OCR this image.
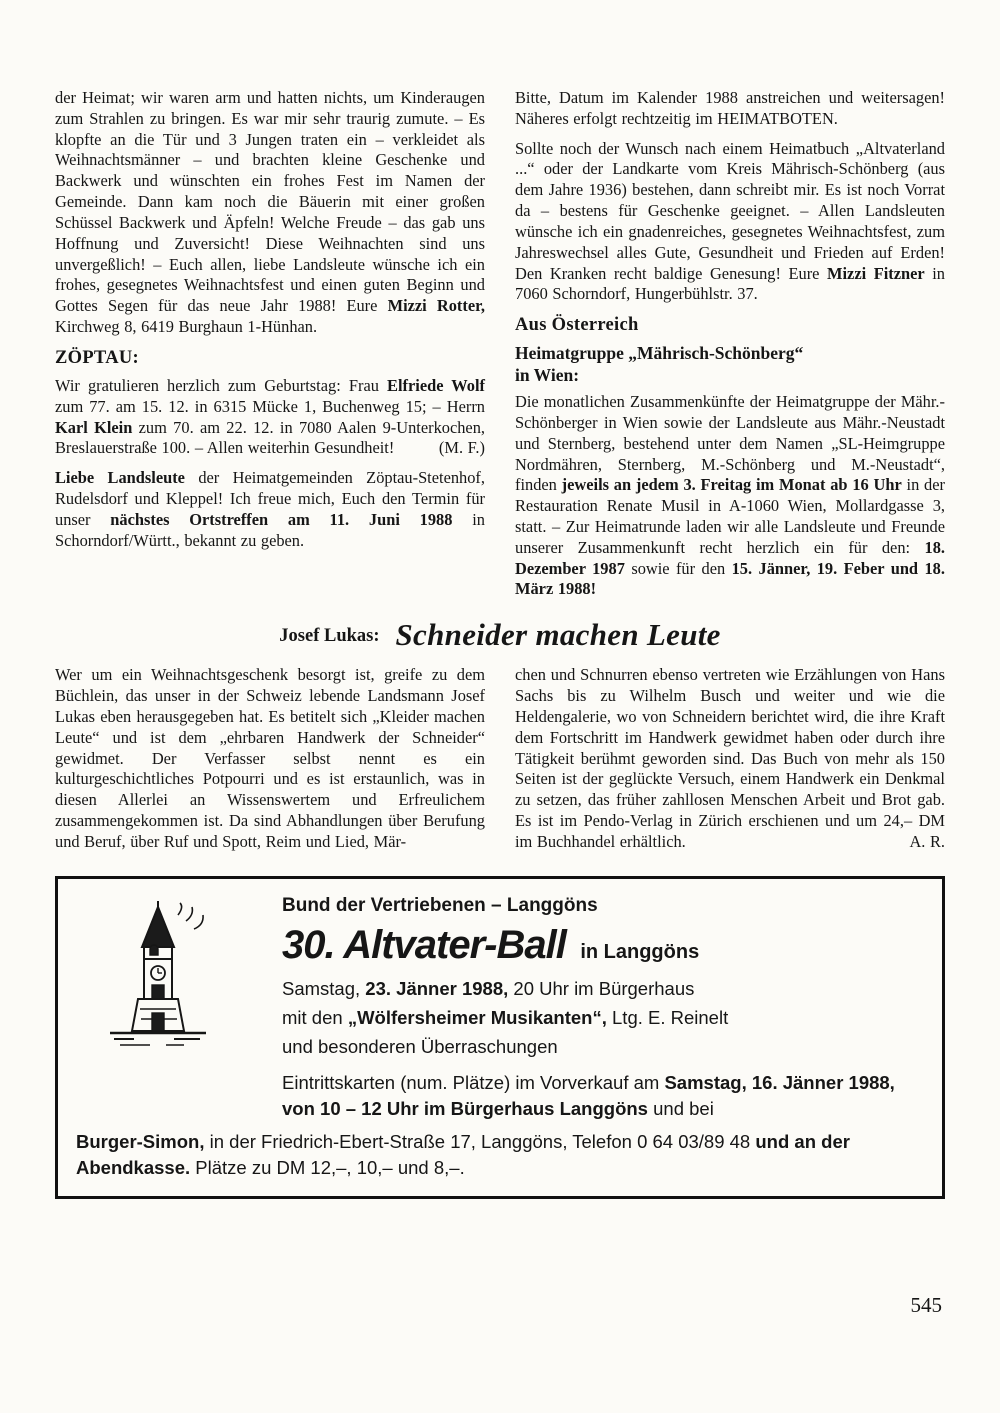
der Heimat; wir waren arm und hatten nichts, um Kinderaugen zum Strahlen zu bringen. Es war mir sehr traurig zumute. – Es klopfte an die Tür und 3 Jungen traten ein – verkleidet als Weihnachtsmänner – und brachten kleine Geschenke und Backwerk und wünschten ein frohes Fest im Namen der Gemeinde. Dann kam noch die Bäuerin mit einer großen Schüssel Backwerk und Äpfeln! Welche Freude – das gab uns Hoffnung und Zuversicht! Diese Weihnachten sind uns unvergeßlich! – Euch allen, liebe Landsleute wünsche ich ein frohes, gesegnetes Weihnachtsfest und einen guten Beginn und Gottes Segen für das neue Jahr 1988! Eure Mizzi Rotter, Kirchweg 8, 6419 Burghaun 1-Hünhan.

ZÖPTAU:

Wir gratulieren herzlich zum Geburtstag: Frau Elfriede Wolf zum 77. am 15. 12. in 6315 Mücke 1, Buchenweg 15; – Herrn Karl Klein zum 70. am 22. 12. in 7080 Aalen 9-Unterkochen, Breslauerstraße 100. – Allen weiterhin Gesundheit!	(M. F.)

Liebe Landsleute der Heimatgemeinden Zöptau-Stetenhof, Rudelsdorf und Kleppel! Ich freue mich, Euch den Termin für unser nächstes Ortstreffen am 11. Juni 1988 in Schorndorf/Württ., bekannt zu geben.

Bitte, Datum im Kalender 1988 anstreichen und weitersagen! Näheres erfolgt rechtzeitig im HEIMATBOTEN.

Sollte noch der Wunsch nach einem Heimatbuch „Altvaterland ...“ oder der Landkarte vom Kreis Mährisch-Schönberg (aus dem Jahre 1936) bestehen, dann schreibt mir. Es ist noch Vorrat da – bestens für Geschenke geeignet. – Allen Landsleuten wünsche ich ein gnadenreiches, gesegnetes Weihnachtsfest, zum Jahreswechsel alles Gute, Gesundheit und Frieden auf Erden! Den Kranken recht baldige Genesung! Eure Mizzi Fitzner in 7060 Schorndorf, Hungerbühlstr. 37.

Aus Österreich
Heimatgruppe „Mährisch-Schönberg“
in Wien:

Die monatlichen Zusammenkünfte der Heimatgruppe der Mähr.-Schönberger in Wien sowie der Landsleute aus Mähr.-Neustadt und Sternberg, bestehend unter dem Namen „SL-Heimgruppe Nordmähren, Sternberg, M.-Schönberg und M.-Neustadt“, finden jeweils an jedem 3. Freitag im Monat ab 16 Uhr in der Restauration Renate Musil in A-1060 Wien, Mollardgasse 3, statt. – Zur Heimatrunde laden wir alle Landsleute und Freunde unserer Zusammenkunft recht herzlich ein für den: 18. Dezember 1987 sowie für den 15. Jänner, 19. Feber und 18. März 1988!

Josef Lukas: Schneider machen Leute

Wer um ein Weihnachtsgeschenk besorgt ist, greife zu dem Büchlein, das unser in der Schweiz lebende Landsmann Josef Lukas eben herausgegeben hat. Es betitelt sich „Kleider machen Leute“ und ist dem „ehrbaren Handwerk der Schneider“ gewidmet. Der Verfasser selbst nennt es ein kulturgeschichtliches Potpourri und es ist erstaunlich, was in diesen Allerlei an Wissenswertem und Erfreulichem zusammengekommen ist. Da sind Abhandlungen über Berufung und Beruf, über Ruf und Spott, Reim und Lied, Mär-

chen und Schnurren ebenso vertreten wie Erzählungen von Hans Sachs bis zu Wilhelm Busch und weiter und wie die Heldengalerie, wo von Schneidern berichtet wird, die ihre Kraft dem Fortschritt im Handwerk gewidmet haben oder durch ihre Tätigkeit berühmt geworden sind. Das Buch von mehr als 150 Seiten ist der geglückte Versuch, einem Handwerk ein Denkmal zu setzen, das früher zahllosen Menschen Arbeit und Brot gab. Es ist im Pendo-Verlag in Zürich erschienen und um 24,– DM im Buchhandel erhältlich.	A. R.

Bund der Vertriebenen – Langgöns
30. Altvater-Ball in Langgöns

Samstag, 23. Jänner 1988, 20 Uhr im Bürgerhaus

mit den „Wölfersheimer Musikanten“, Ltg. E. Reinelt

und besonderen Überraschungen

Eintrittskarten (num. Plätze) im Vorverkauf am Samstag, 16. Jänner 1988, von 10 – 12 Uhr im Bürgerhaus Langgöns und bei

Burger-Simon, in der Friedrich-Ebert-Straße 17, Langgöns, Telefon 0 64 03/89 48 und an der Abendkasse. Plätze zu DM 12,–, 10,– und 8,–.

545
